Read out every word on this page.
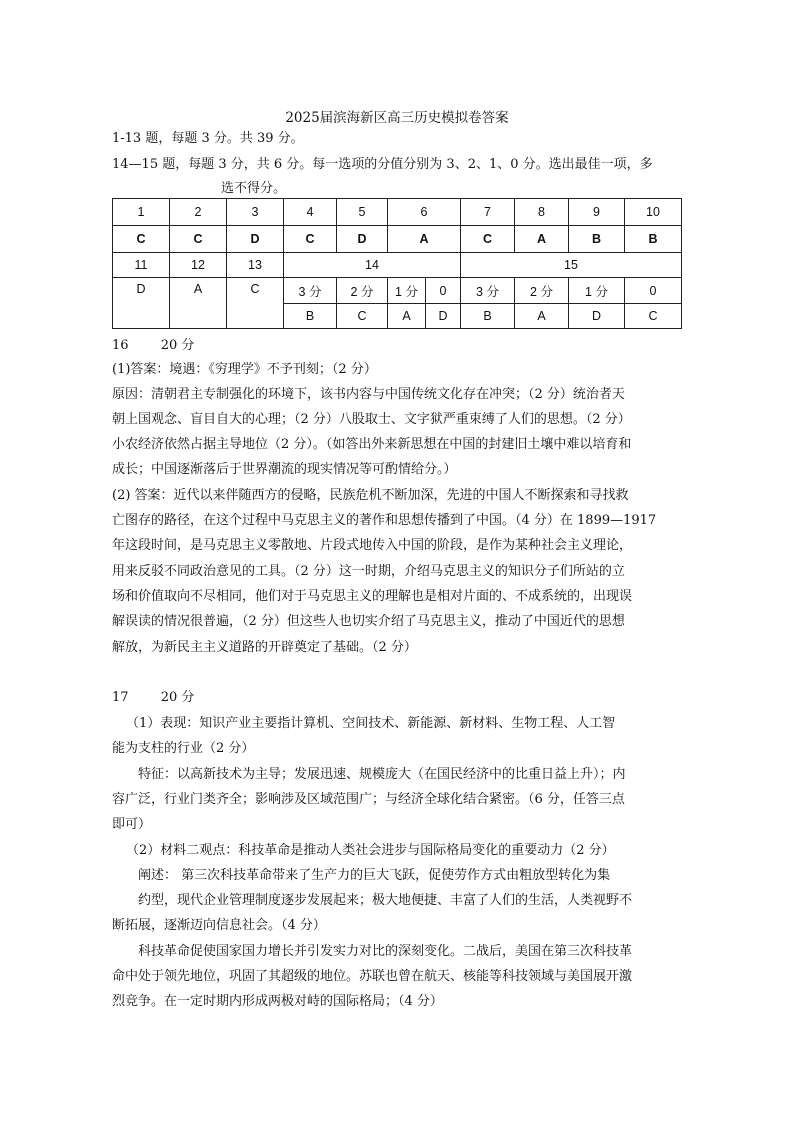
2025届滨海新区高三历史模拟卷答案
1-13 题，每题 3 分。共 39 分。
14—15 题，每题 3 分，共 6 分。每一选项的分值分别为 3、2、1、0 分。选出最佳一项，多
选不得分。
1	2	3	4	5	6		7	8	9	10
C	C	D	C	D	A		C	A	B	B
11	12	13	14				15			
D	A	C	3 分	2 分	1 分	0	3 分	2 分	1 分	0
			B	C	A	D	B	A	D	C
16 20 分
(1)答案：境遇：《穷理学》不予刊刻；（2 分）
原因：清朝君主专制强化的环境下，该书内容与中国传统文化存在冲突；（2 分）统治者天
朝上国观念、盲目自大的心理；（2 分）八股取士、文字狱严重束缚了人们的思想。（2 分）
小农经济依然占据主导地位（2 分）。（如答出外来新思想在中国的封建旧土壤中难以培育和
成长；中国逐渐落后于世界潮流的现实情况等可酌情给分。）
(2) 答案：近代以来伴随西方的侵略，民族危机不断加深，先进的中国人不断探索和寻找救
亡图存的路径，在这个过程中马克思主义的著作和思想传播到了中国。（4 分）在 1899—1917
年这段时间，是马克思主义零散地、片段式地传入中国的阶段，是作为某种社会主义理论，
用来反驳不同政治意见的工具。（2 分）这一时期，介绍马克思主义的知识分子们所站的立
场和价值取向不尽相同，他们对于马克思主义的理解也是相对片面的、不成系统的，出现误
解误读的情况很普遍，（2 分）但这些人也切实介绍了马克思主义，推动了中国近代的思想
解放，为新民主主义道路的开辟奠定了基础。（2 分）
17 20 分
（1）表现：知识产业主要指计算机、空间技术、新能源、新材料、生物工程、人工智
能为支柱的行业（2 分）
特征：以高新技术为主导；发展迅速、规模庞大（在国民经济中的比重日益上升）；内
容广泛，行业门类齐全；影响涉及区域范围广；与经济全球化结合紧密。（6 分，任答三点
即可）
（2）材料二观点：科技革命是推动人类社会进步与国际格局变化的重要动力（2 分）
阐述： 第三次科技革命带来了生产力的巨大飞跃，促使劳作方式由粗放型转化为集
约型，现代企业管理制度逐步发展起来；极大地便捷、丰富了人们的生活，人类视野不
断拓展，逐渐迈向信息社会。（4 分）
科技革命促使国家国力增长并引发实力对比的深刻变化。二战后，美国在第三次科技革
命中处于领先地位，巩固了其超级的地位。苏联也曾在航天、核能等科技领域与美国展开激
烈竞争。在一定时期内形成两极对峙的国际格局；（4 分）
